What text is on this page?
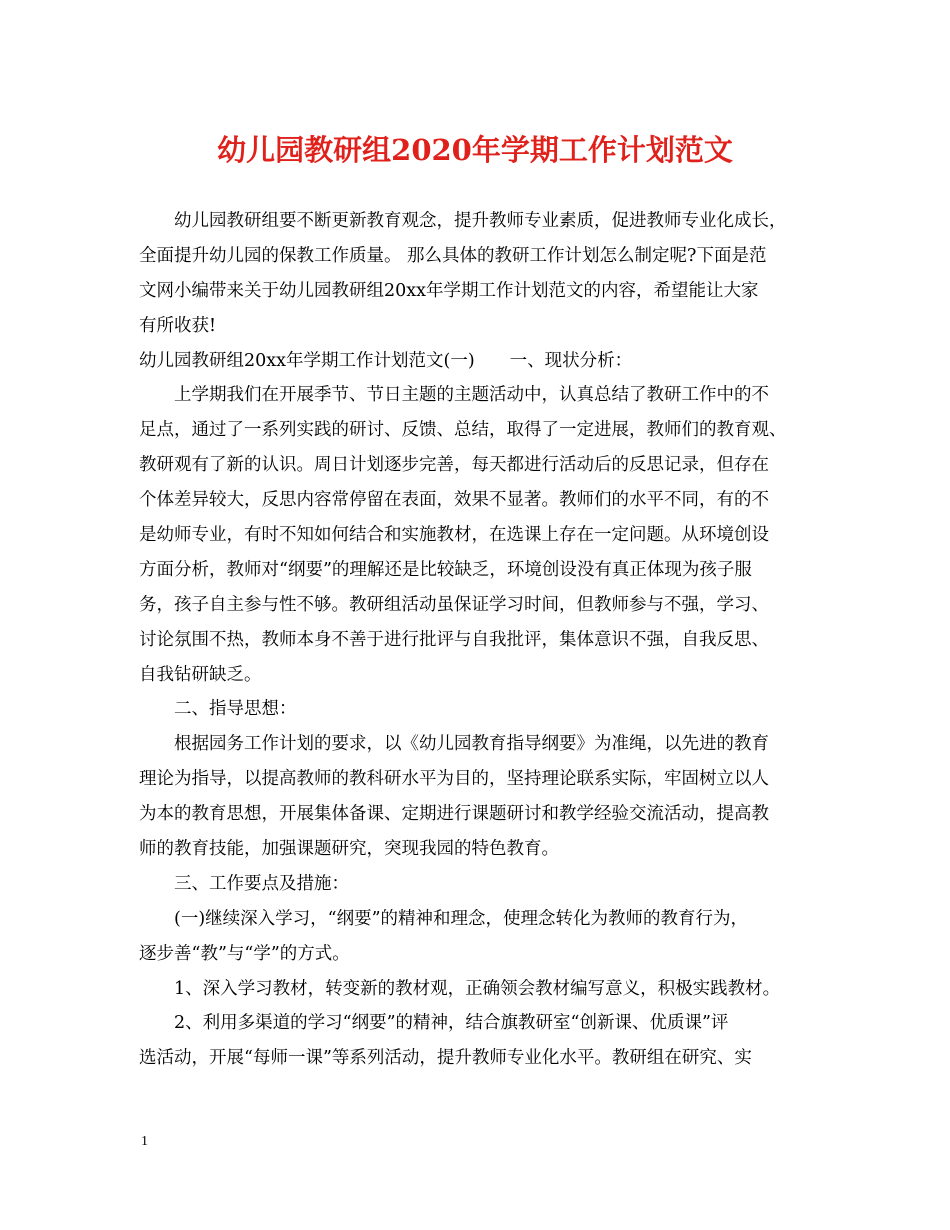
幼儿园教研组2020年学期工作计划范文
幼儿园教研组要不断更新教育观念，提升教师专业素质，促进教师专业化成长，
全面提升幼儿园的保教工作质量。 那么具体的教研工作计划怎么制定呢?下面是范
文网小编带来关于幼儿园教研组20xx年学期工作计划范文的内容，希望能让大家
有所收获!
幼儿园教研组20xx年学期工作计划范文(一)　　一、现状分析：
上学期我们在开展季节、节日主题的主题活动中，认真总结了教研工作中的不
足点，通过了一系列实践的研讨、反馈、总结，取得了一定进展，教师们的教育观、
教研观有了新的认识。周日计划逐步完善，每天都进行活动后的反思记录，但存在
个体差异较大，反思内容常停留在表面，效果不显著。教师们的水平不同，有的不
是幼师专业，有时不知如何结合和实施教材，在选课上存在一定问题。从环境创设
方面分析，教师对“纲要”的理解还是比较缺乏，环境创设没有真正体现为孩子服
务，孩子自主参与性不够。教研组活动虽保证学习时间，但教师参与不强，学习、
讨论氛围不热，教师本身不善于进行批评与自我批评，集体意识不强，自我反思、
自我钻研缺乏。
二、指导思想：
根据园务工作计划的要求，以《幼儿园教育指导纲要》为准绳，以先进的教育
理论为指导，以提高教师的教科研水平为目的，坚持理论联系实际，牢固树立以人
为本的教育思想，开展集体备课、定期进行课题研讨和教学经验交流活动，提高教
师的教育技能，加强课题研究，突现我园的特色教育。
三、工作要点及措施：
(一)继续深入学习，“纲要”的精神和理念，使理念转化为教师的教育行为，
逐步善“教”与“学”的方式。
1、深入学习教材，转变新的教材观，正确领会教材编写意义，积极实践教材。
2、利用多渠道的学习“纲要”的精神，结合旗教研室“创新课、优质课”评
选活动，开展“每师一课”等系列活动，提升教师专业化水平。教研组在研究、实
1
